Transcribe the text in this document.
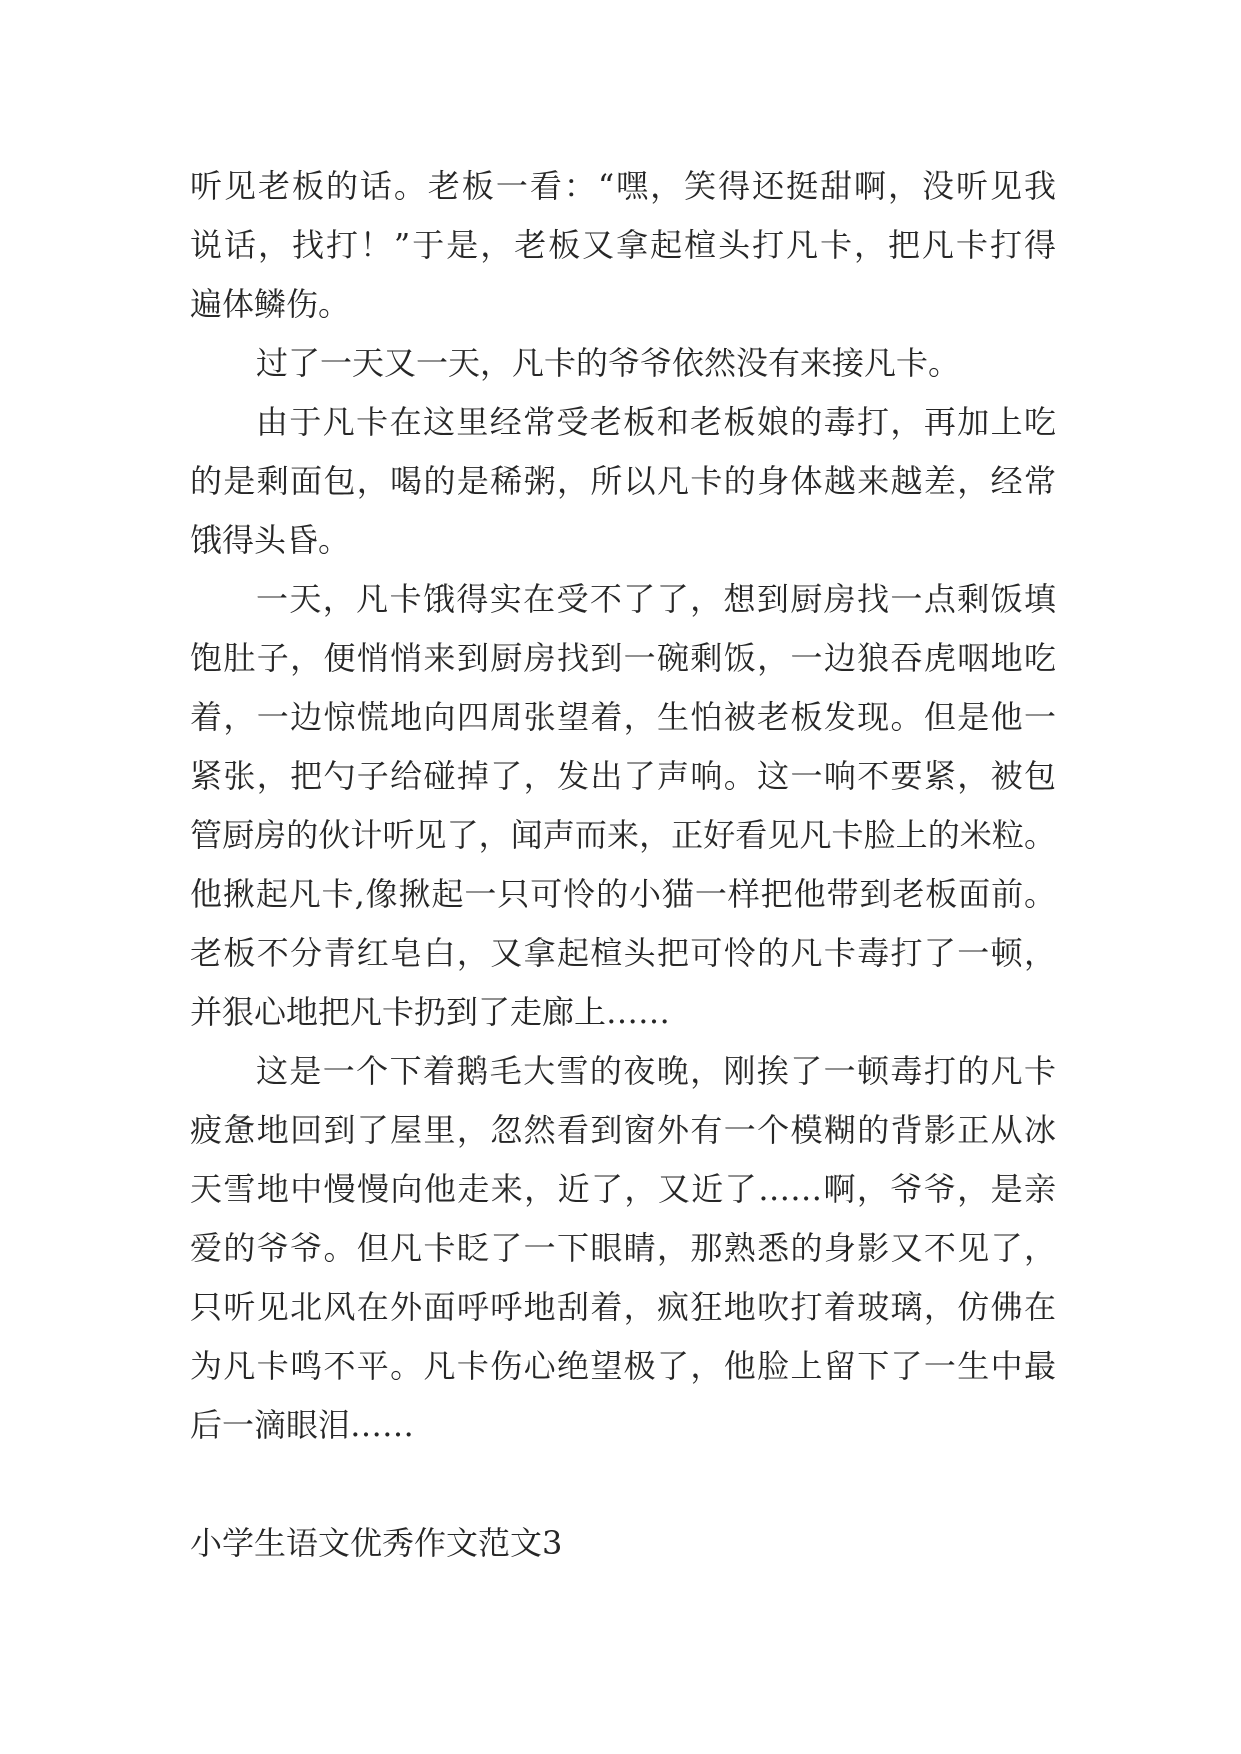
听见老板的话。老板一看：“嘿，笑得还挺甜啊，没听见我
说话，找打！”于是，老板又拿起楦头打凡卡，把凡卡打得
遍体鳞伤。
过了一天又一天，凡卡的爷爷依然没有来接凡卡。
由于凡卡在这里经常受老板和老板娘的毒打，再加上吃
的是剩面包，喝的是稀粥，所以凡卡的身体越来越差，经常
饿得头昏。
一天，凡卡饿得实在受不了了，想到厨房找一点剩饭填
饱肚子，便悄悄来到厨房找到一碗剩饭，一边狼吞虎咽地吃
着，一边惊慌地向四周张望着，生怕被老板发现。但是他一
紧张，把勺子给碰掉了，发出了声响。这一响不要紧，被包
管厨房的伙计听见了，闻声而来，正好看见凡卡脸上的米粒。
他揪起凡卡,像揪起一只可怜的小猫一样把他带到老板面前。
老板不分青红皂白，又拿起楦头把可怜的凡卡毒打了一顿，
并狠心地把凡卡扔到了走廊上……
这是一个下着鹅毛大雪的夜晚，刚挨了一顿毒打的凡卡
疲惫地回到了屋里，忽然看到窗外有一个模糊的背影正从冰
天雪地中慢慢向他走来，近了，又近了……啊，爷爷，是亲
爱的爷爷。但凡卡眨了一下眼睛，那熟悉的身影又不见了，
只听见北风在外面呼呼地刮着，疯狂地吹打着玻璃，仿佛在
为凡卡鸣不平。凡卡伤心绝望极了，他脸上留下了一生中最
后一滴眼泪……
小学生语文优秀作文范文3
